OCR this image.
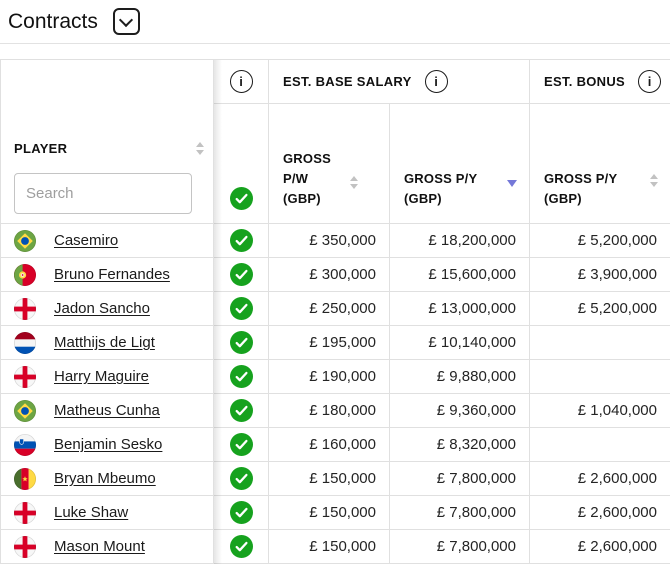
Contracts
PLAYER
Search
i
EST. BASE SALARY i	EST. BONUS
i
GROSS P/W (GBP)
GROSS P/Y (GBP)
GROSS P/Y (GBP)
Casemiro	£ 350,000	£ 18,200,000	£ 5,200,000
Bruno Fernandes	£ 300,000	£ 15,600,000	£ 3,900,000
Jadon Sancho	£ 250,000	£ 13,000,000	£ 5,200,000
Matthijs de Ligt	£ 195,000	£ 10,140,000
Harry Maguire	£ 190,000	£ 9,880,000
Matheus Cunha	£ 180,000	£ 9,360,000	£ 1,040,000
Benjamin Sesko	£ 160,000	£ 8,320,000
Bryan Mbeumo	£ 150,000	£ 7,800,000	£ 2,600,000
Luke Shaw	£ 150,000	£ 7,800,000	£ 2,600,000
Mason Mount	£ 150,000	£ 7,800,000	£ 2,600,000
